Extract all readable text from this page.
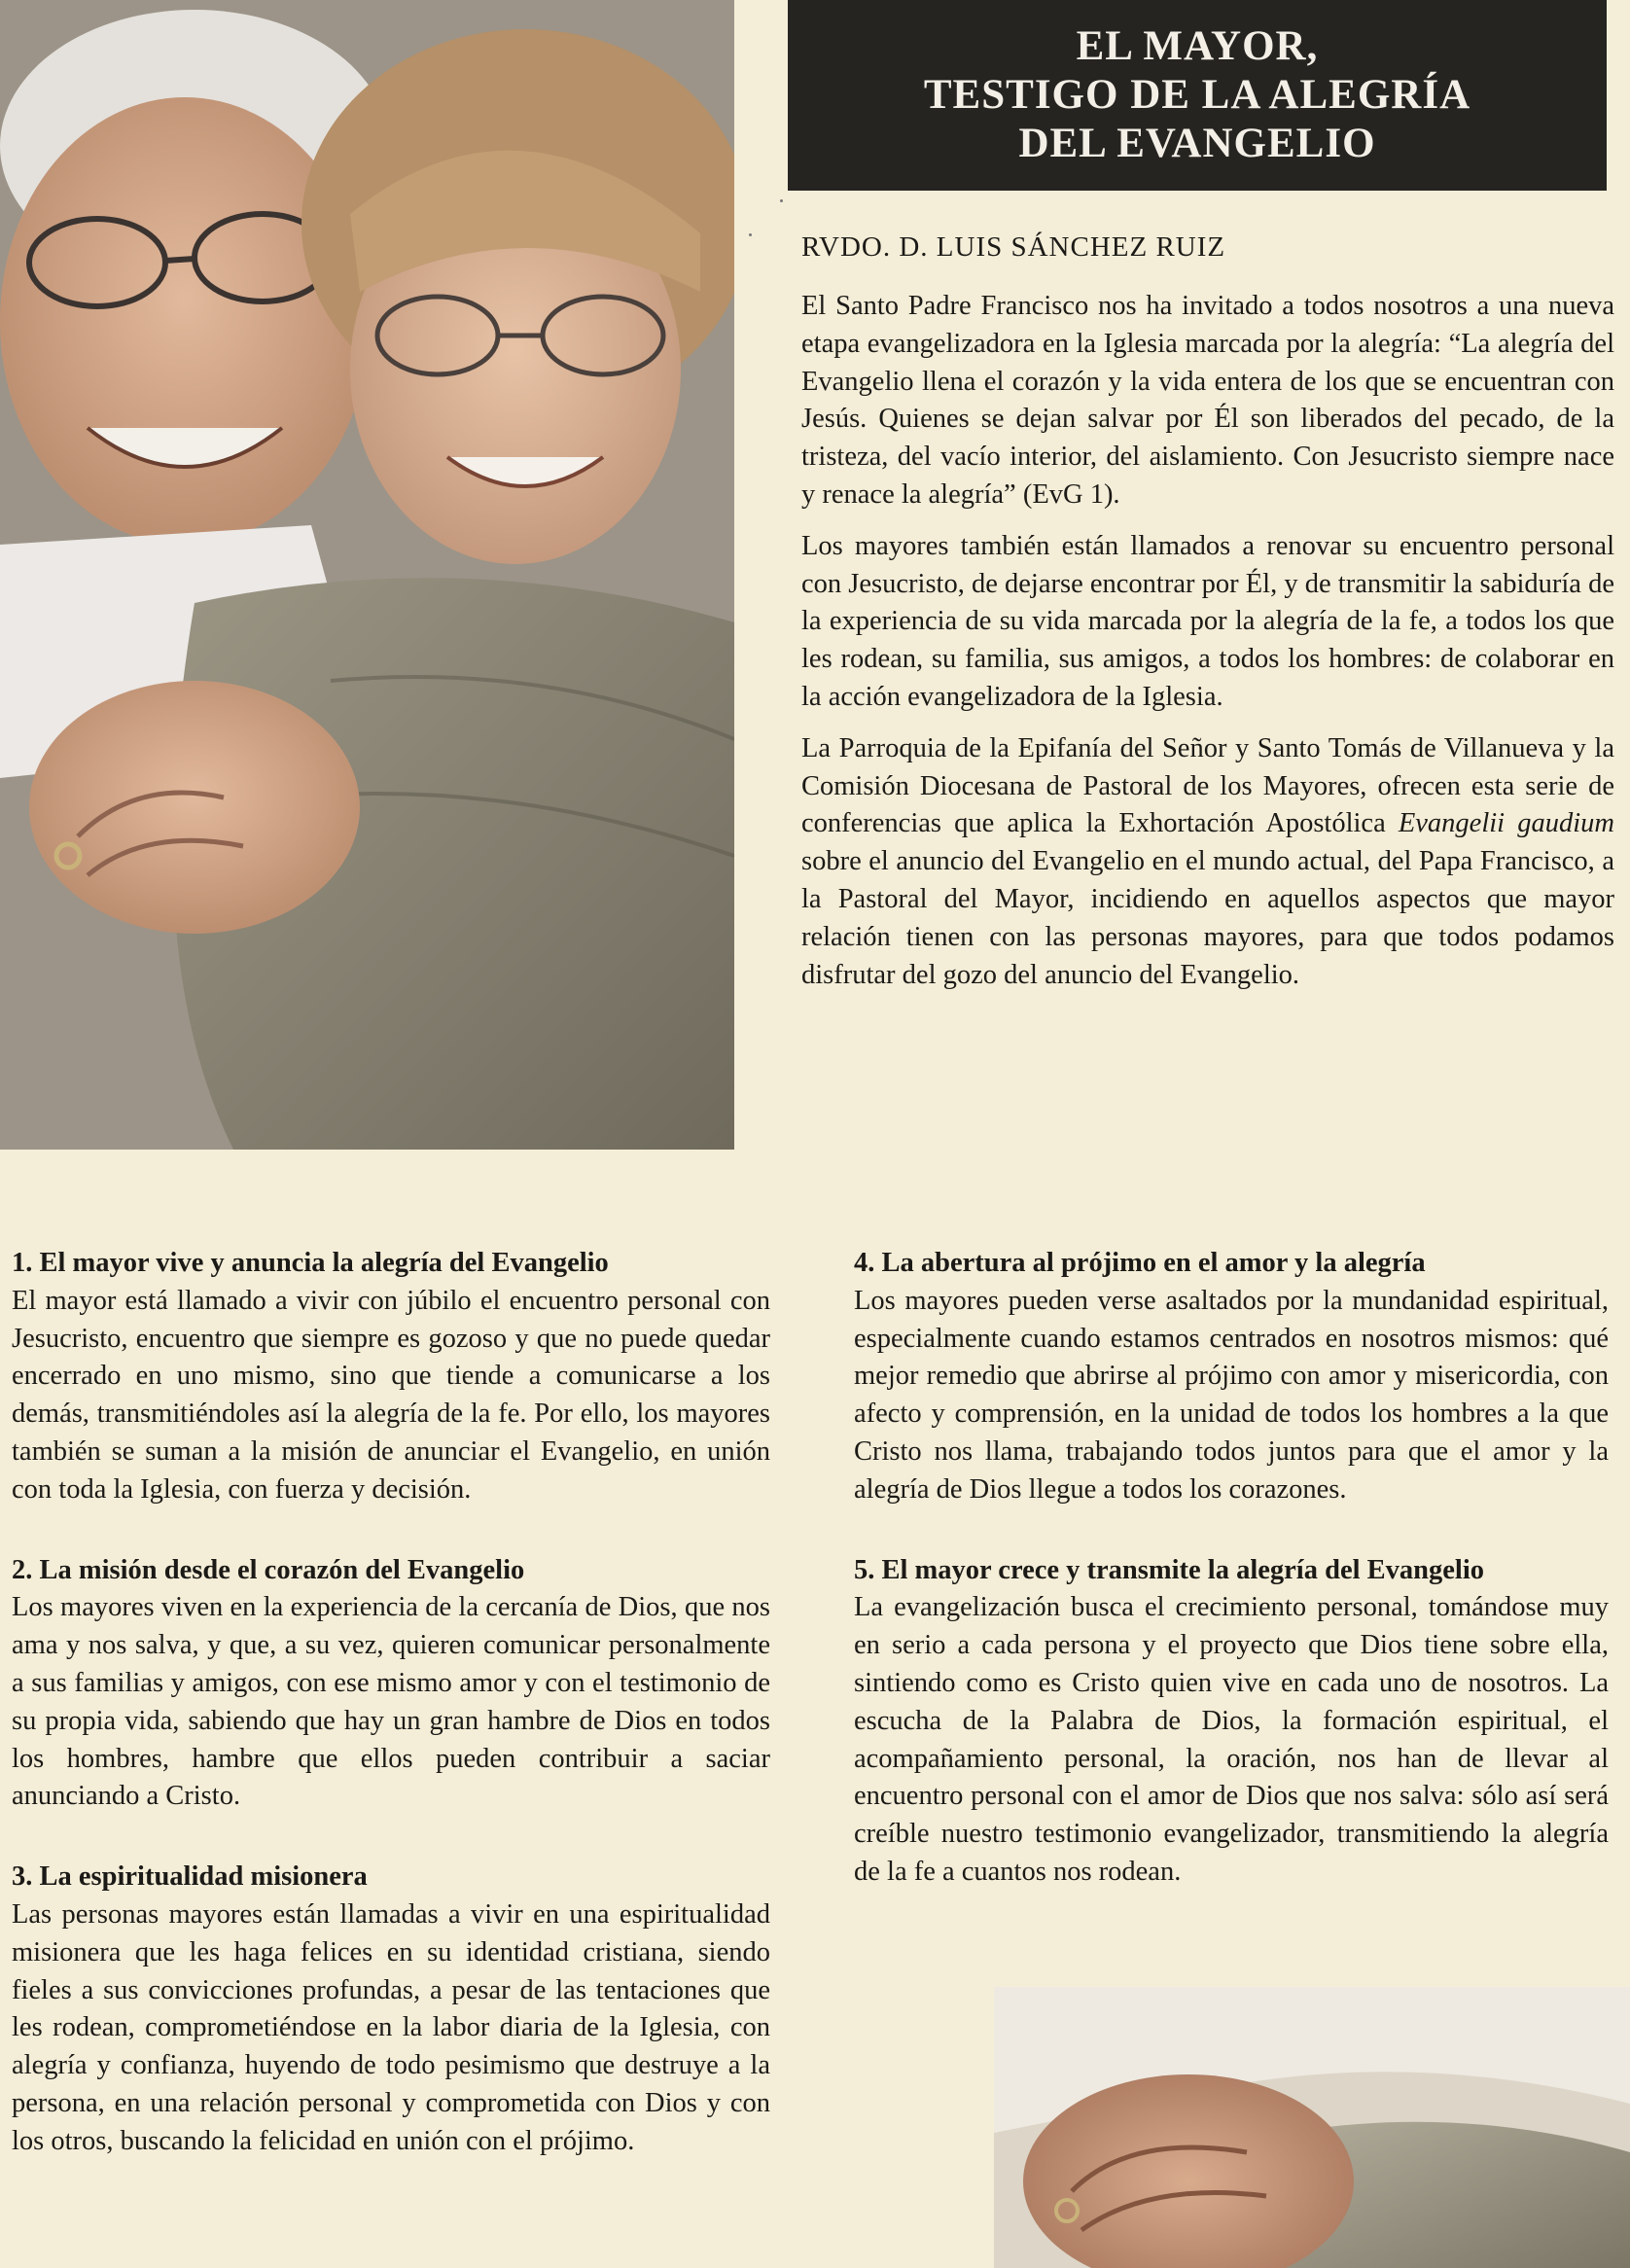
EL MAYOR,
TESTIGO DE LA ALEGRÍA
DEL EVANGELIO
RVDO. D. LUIS SÁNCHEZ RUIZ

El Santo Padre Francisco nos ha invitado a todos nosotros a una nueva etapa evangelizadora en la Iglesia marcada por la alegría: “La alegría del Evangelio llena el corazón y la vida entera de los que se encuentran con Jesús. Quienes se dejan salvar por Él son liberados del pecado, de la tristeza, del vacío interior, del aislamiento. Con Jesucristo siempre nace y renace la alegría” (EvG 1).

Los mayores también están llamados a renovar su encuentro personal con Jesucristo, de dejarse encontrar por Él, y de transmitir la sabiduría de la experiencia de su vida marcada por la alegría de la fe, a todos los que les rodean, su familia, sus amigos, a todos los hombres: de colaborar en la acción evangelizadora de la Iglesia.

La Parroquia de la Epifanía del Señor y Santo Tomás de Villanueva y la Comisión Diocesana de Pastoral de los Mayores, ofrecen esta serie de conferencias que aplica la Exhortación Apostólica Evangelii gaudium sobre el anuncio del Evangelio en el mundo actual, del Papa Francisco, a la Pastoral del Mayor, incidiendo en aquellos aspectos que mayor relación tienen con las personas mayores, para que todos podamos disfrutar del gozo del anuncio del Evangelio.

1. El mayor vive y anuncia la alegría del Evangelio

El mayor está llamado a vivir con júbilo el encuentro personal con Jesucristo, encuentro que siempre es gozoso y que no puede quedar encerrado en uno mismo, sino que tiende a comunicarse a los demás, transmitiéndoles así la alegría de la fe. Por ello, los mayores también se suman a la misión de anunciar el Evangelio, en unión con toda la Iglesia, con fuerza y decisión.

2. La misión desde el corazón del Evangelio

Los mayores viven en la experiencia de la cercanía de Dios, que nos ama y nos salva, y que, a su vez, quieren comunicar personalmente a sus familias y amigos, con ese mismo amor y con el testimonio de su propia vida, sabiendo que hay un gran hambre de Dios en todos los hombres, hambre que ellos pueden contribuir a saciar anunciando a Cristo.

3. La espiritualidad misionera

Las personas mayores están llamadas a vivir en una espiritualidad misionera que les haga felices en su identidad cristiana, siendo fieles a sus convicciones profundas, a pesar de las tentaciones que les rodean, comprometiéndose en la labor diaria de la Iglesia, con alegría y confianza, huyendo de todo pesimismo que destruye a la persona, en una relación personal y comprometida con Dios y con los otros, buscando la felicidad en unión con el prójimo.

4. La abertura al prójimo en el amor y la alegría

Los mayores pueden verse asaltados por la mundanidad espiritual, especialmente cuando estamos centrados en nosotros mismos: qué mejor remedio que abrirse al prójimo con amor y misericordia, con afecto y comprensión, en la unidad de todos los hombres a la que Cristo nos llama, trabajando todos juntos para que el amor y la alegría de Dios llegue a todos los corazones.

5. El mayor crece y transmite la alegría del Evangelio

La evangelización busca el crecimiento personal, tomándose muy en serio a cada persona y el proyecto que Dios tiene sobre ella, sintiendo como es Cristo quien vive en cada uno de nosotros. La escucha de la Palabra de Dios, la formación espiritual, el acompañamiento personal, la oración, nos han de llevar al encuentro personal con el amor de Dios que nos salva: sólo así será creíble nuestro testimonio evangelizador, transmitiendo la alegría de la fe a cuantos nos rodean.
